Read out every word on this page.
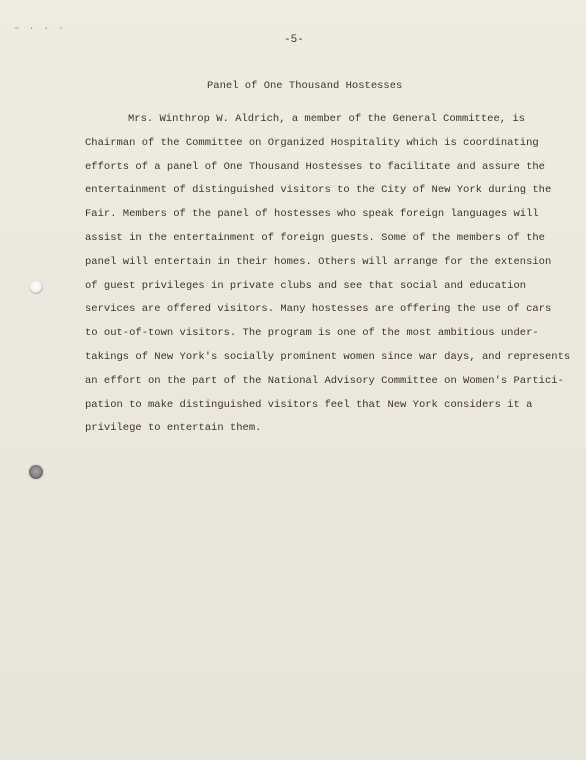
~ · · ·
-5-
Panel of One Thousand Hostesses
Mrs. Winthrop W. Aldrich, a member of the General Committee, is
Chairman of the Committee on Organized Hospitality which is coordinating
efforts of a panel of One Thousand Hostesses to facilitate and assure the
entertainment of distinguished visitors to the City of New York during the
Fair. Members of the panel of hostesses who speak foreign languages will
assist in the entertainment of foreign guests. Some of the members of the
panel will entertain in their homes. Others will arrange for the extension
of guest privileges in private clubs and see that social and education
services are offered visitors. Many hostesses are offering the use of cars
to out-of-town visitors. The program is one of the most ambitious under-
takings of New York's socially prominent women since war days, and represents
an effort on the part of the National Advisory Committee on Women's Partici-
pation to make distinguished visitors feel that New York considers it a
privilege to entertain them.
